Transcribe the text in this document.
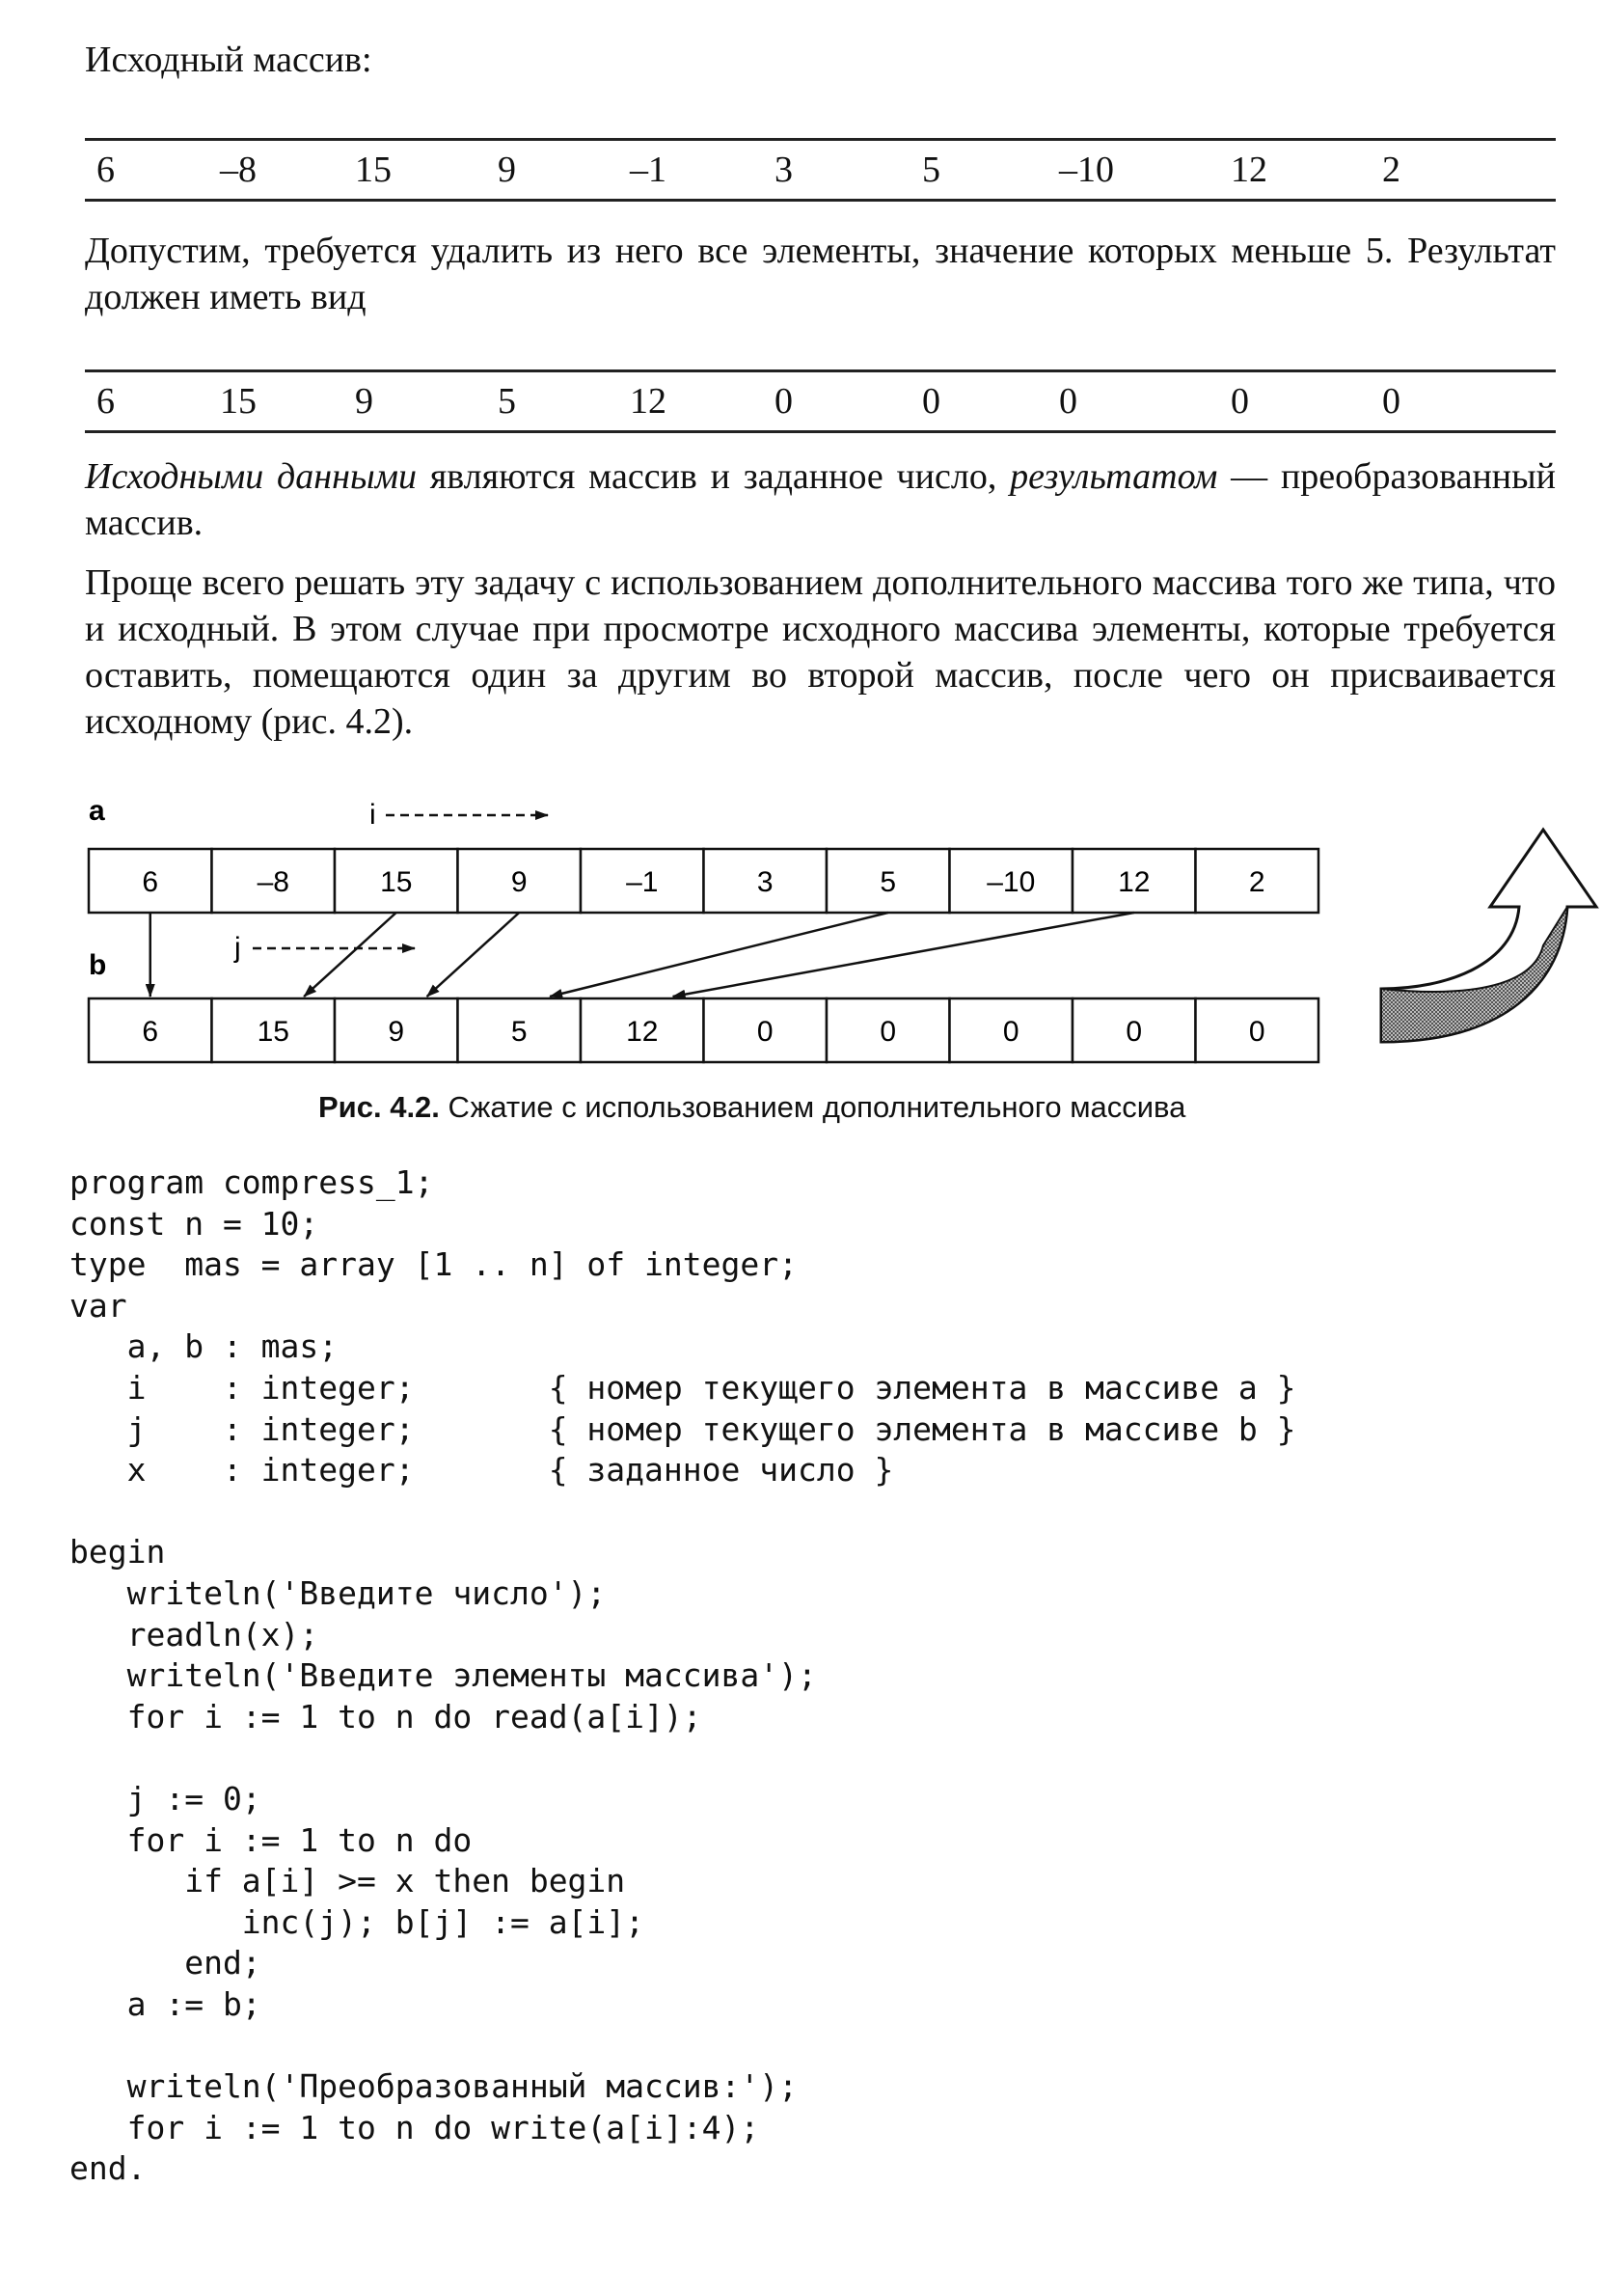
Исходный массив:

6	–8	15	9	–1	3	5	–10	12	2

Допустим, требуется удалить из него все элементы, значение которых меньше 5. Результат должен иметь вид

6	15	9	5	12	0	0	0	0	0

Исходными данными являются массив и заданное число, результатом — преобразованный массив.

Проще всего решать эту задачу с использованием дополнительного массива того же типа, что и исходный. В этом случае при просмотре исходного массива элементы, которые требуется оставить, помещаются один за другим во второй массив, после чего он присваивается исходному (рис. 4.2).

a
b
i
j
6	–8	15	9	–1	3	5	–10	12	2
6	15	9	5	12	0	0	0	0	0

Рис. 4.2. Сжатие с использованием дополнительного массива

program compress_1;
const n = 10;
type  mas = array [1 .. n] of integer;
var
a, b : mas;
i    : integer;       { номер текущего элемента в массиве a }
j    : integer;       { номер текущего элемента в массиве b }
x    : integer;       { заданное число }
begin
writeln('Введите число');
readln(x);
writeln('Введите элементы массива');
for i := 1 to n do read(a[i]);
j := 0;
for i := 1 to n do
if a[i] >= x then begin
inc(j); b[j] := a[i];
end;
a := b;
writeln('Преобразованный массив:');
for i := 1 to n do write(a[i]:4);
end.
